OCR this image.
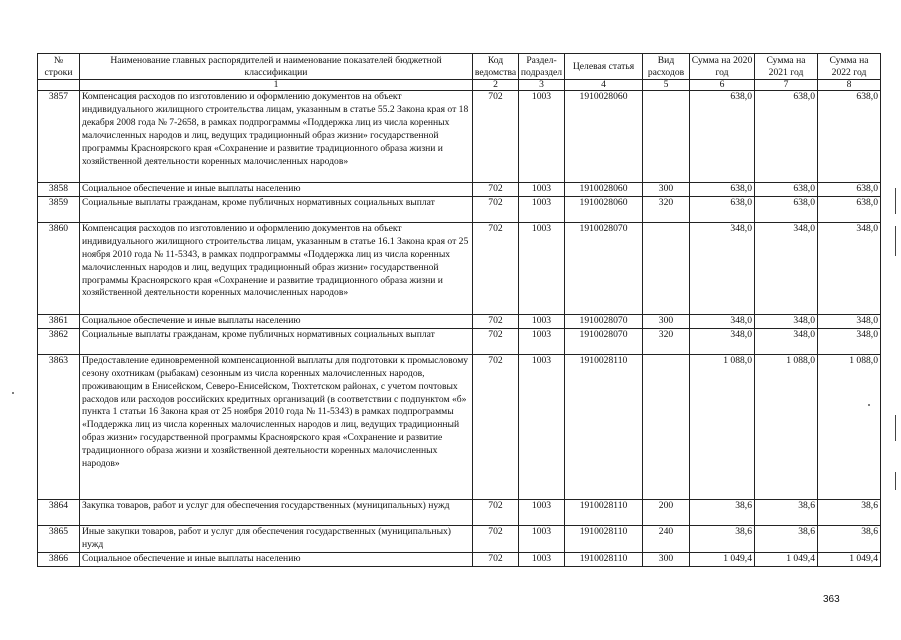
№ строки	Наименование главных распорядителей и наименование показателей бюджетной классификации	Код ведомства	Раздел-подраздел	Целевая статья	Вид расходов	Сумма на 2020 год	Сумма на 2021 год	Сумма на 2022 год
	1	2	3	4	5	6	7	8
3857	Компенсация расходов по изготовлению и оформлению документов на объект индивидуального жилищного строительства лицам, указанным в статье 55.2 Закона края от 18 декабря 2008 года № 7-2658, в рамках подпрограммы «Поддержка лиц из числа коренных малочисленных народов и лиц, ведущих традиционный образ жизни» государственной программы Красноярского края «Сохранение и развитие традиционного образа жизни и хозяйственной деятельности коренных малочисленных народов»	702	1003	1910028060		638,0	638,0	638,0
3858	Социальное обеспечение и иные выплаты населению	702	1003	1910028060	300	638,0	638,0	638,0
3859	Социальные выплаты гражданам, кроме публичных нормативных социальных выплат	702	1003	1910028060	320	638,0	638,0	638,0
3860	Компенсация расходов по изготовлению и оформлению документов на объект индивидуального жилищного строительства лицам, указанным в статье 16.1 Закона края от 25 ноября 2010 года № 11-5343, в рамках подпрограммы «Поддержка лиц из числа коренных малочисленных народов и лиц, ведущих традиционный образ жизни» государственной программы Красноярского края «Сохранение и развитие традиционного образа жизни и хозяйственной деятельности коренных малочисленных народов»	702	1003	1910028070		348,0	348,0	348,0
3861	Социальное обеспечение и иные выплаты населению	702	1003	1910028070	300	348,0	348,0	348,0
3862	Социальные выплаты гражданам, кроме публичных нормативных социальных выплат	702	1003	1910028070	320	348,0	348,0	348,0
3863	Предоставление единовременной компенсационной выплаты для подготовки к промысловому сезону охотникам (рыбакам) сезонным из числа коренных малочисленных народов, проживающим в Енисейском, Северо-Енисейском, Тюхтетском районах, с учетом почтовых расходов или расходов российских кредитных организаций (в соответствии с подпунктом «б» пункта 1 статьи 16 Закона края от 25 ноября 2010 года № 11-5343) в рамках подпрограммы «Поддержка лиц из числа коренных малочисленных народов и лиц, ведущих традиционный образ жизни» государственной программы Красноярского края «Сохранение и развитие традиционного образа жизни и хозяйственной деятельности коренных малочисленных народов»	702	1003	1910028110		1 088,0	1 088,0	1 088,0
3864	Закупка товаров, работ и услуг для обеспечения государственных (муниципальных) нужд	702	1003	1910028110	200	38,6	38,6	38,6
3865	Иные закупки товаров, работ и услуг для обеспечения государственных (муниципальных) нужд	702	1003	1910028110	240	38,6	38,6	38,6
3866	Социальное обеспечение и иные выплаты населению	702	1003	1910028110	300	1 049,4	1 049,4	1 049,4
363
